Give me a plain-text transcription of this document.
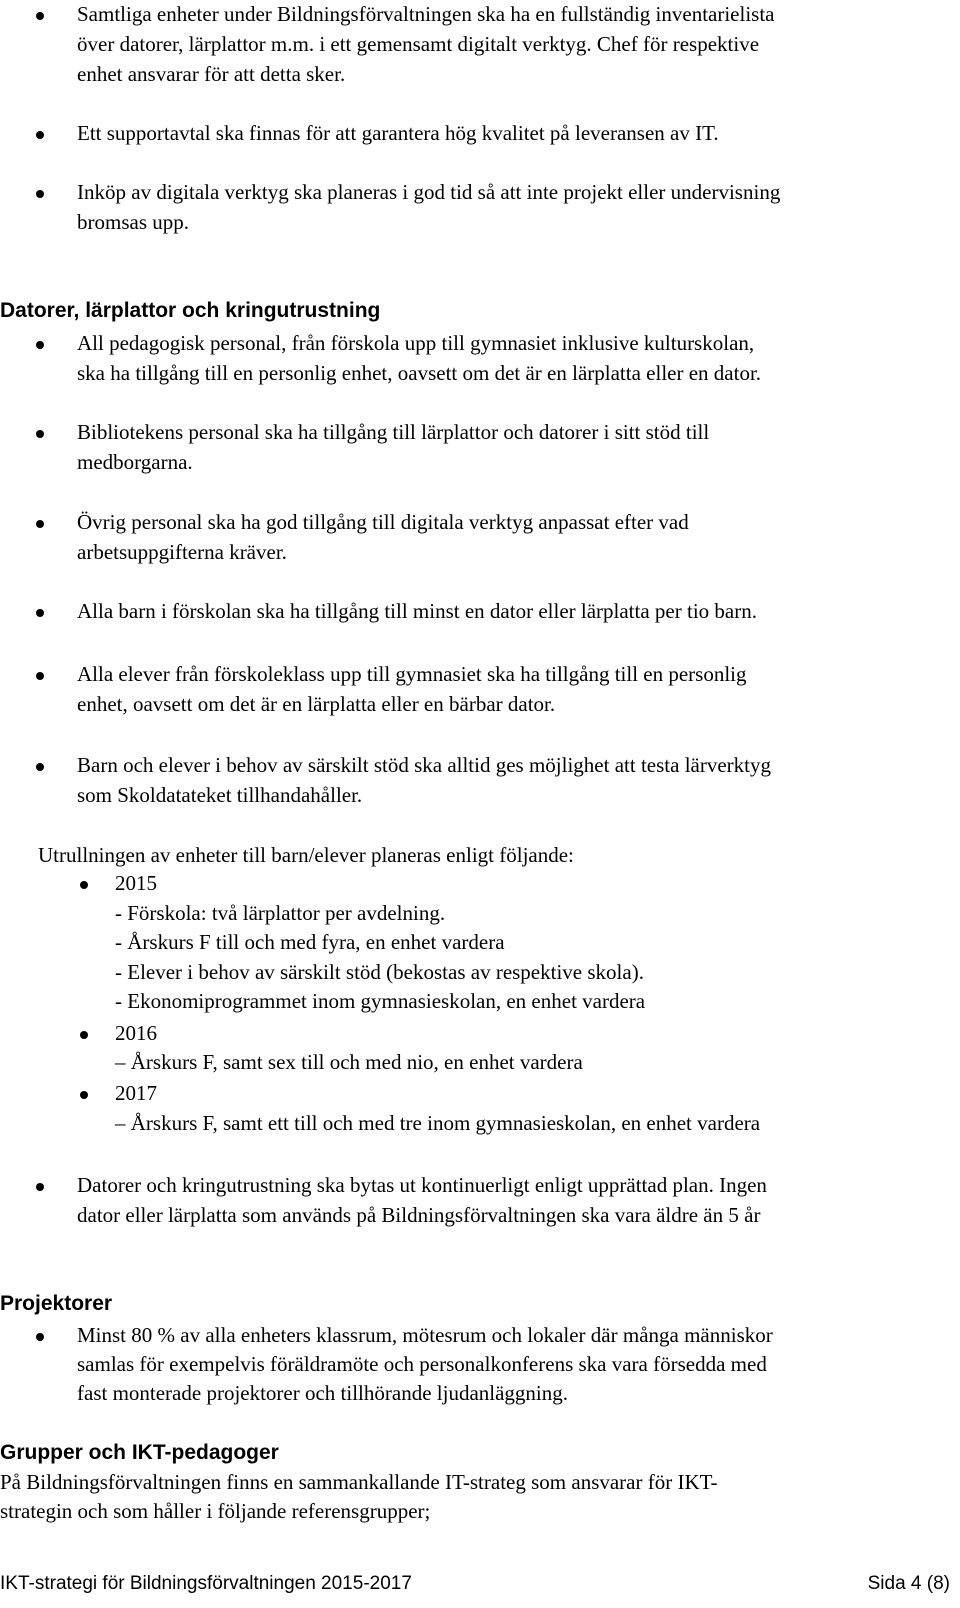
Samtliga enheter under Bildningsförvaltningen ska ha en fullständig inventarielista
över datorer, lärplattor m.m. i ett gemensamt digitalt verktyg. Chef för respektive
enhet ansvarar för att detta sker.
Ett supportavtal ska finnas för att garantera hög kvalitet på leveransen av IT.
Inköp av digitala verktyg ska planeras i god tid så att inte projekt eller undervisning
bromsas upp.
Datorer, lärplattor och kringutrustning
All pedagogisk personal, från förskola upp till gymnasiet inklusive kulturskolan,
ska ha tillgång till en personlig enhet, oavsett om det är en lärplatta eller en dator.
Bibliotekens personal ska ha tillgång till lärplattor och datorer i sitt stöd till
medborgarna.
Övrig personal ska ha god tillgång till digitala verktyg anpassat efter vad
arbetsuppgifterna kräver.
Alla barn i förskolan ska ha tillgång till minst en dator eller lärplatta per tio barn.
Alla elever från förskoleklass upp till gymnasiet ska ha tillgång till en personlig
enhet, oavsett om det är en lärplatta eller en bärbar dator.
Barn och elever i behov av särskilt stöd ska alltid ges möjlighet att testa lärverktyg
som Skoldatateket tillhandahåller.
Utrullningen av enheter till barn/elever planeras enligt följande:
2015
- Förskola: två lärplattor per avdelning.
- Årskurs F till och med fyra, en enhet vardera
- Elever i behov av särskilt stöd (bekostas av respektive skola).
- Ekonomiprogrammet inom gymnasieskolan, en enhet vardera
2016
– Årskurs F, samt sex till och med nio, en enhet vardera
2017
– Årskurs F, samt ett till och med tre inom gymnasieskolan, en enhet vardera
Datorer och kringutrustning ska bytas ut kontinuerligt enligt upprättad plan. Ingen
dator eller lärplatta som används på Bildningsförvaltningen ska vara äldre än 5 år
Projektorer
Minst 80 % av alla enheters klassrum, mötesrum och lokaler där många människor
samlas för exempelvis föräldramöte och personalkonferens ska vara försedda med
fast monterade projektorer och tillhörande ljudanläggning.
Grupper och IKT-pedagoger
På Bildningsförvaltningen finns en sammankallande IT-strateg som ansvarar för IKT-
strategin och som håller i följande referensgrupper;
IKT-strategi för Bildningsförvaltningen 2015-2017	Sida 4 (8)
